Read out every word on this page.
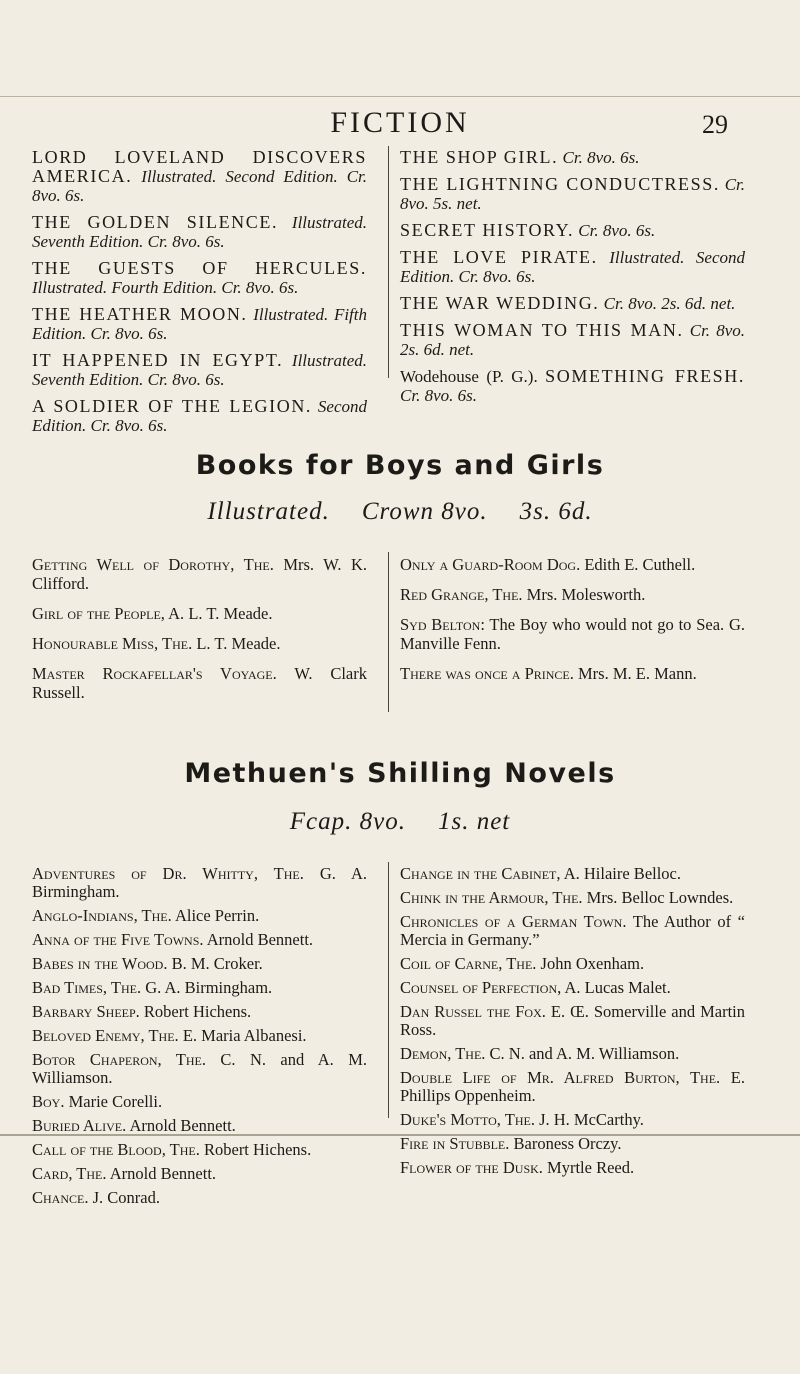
FICTION	29

LORD LOVELAND DISCOVERS AMERICA. Illustrated. Second Edition. Cr. 8vo. 6s.

THE GOLDEN SILENCE. Illustrated. Seventh Edition. Cr. 8vo. 6s.

THE GUESTS OF HERCULES. Illustrated. Fourth Edition. Cr. 8vo. 6s.

THE HEATHER MOON. Illustrated. Fifth Edition. Cr. 8vo. 6s.

IT HAPPENED IN EGYPT. Illustrated. Seventh Edition. Cr. 8vo. 6s.

A SOLDIER OF THE LEGION. Second Edition. Cr. 8vo. 6s.

THE SHOP GIRL. Cr. 8vo. 6s.

THE LIGHTNING CONDUCTRESS. Cr. 8vo. 5s. net.

SECRET HISTORY. Cr. 8vo. 6s.

THE LOVE PIRATE. Illustrated. Second Edition. Cr. 8vo. 6s.

THE WAR WEDDING. Cr. 8vo. 2s. 6d. net.

THIS WOMAN TO THIS MAN. Cr. 8vo. 2s. 6d. net.

Wodehouse (P. G.). SOMETHING FRESH. Cr. 8vo. 6s.

Books for Boys and Girls
Illustrated. Crown 8vo. 3s. 6d.

Getting Well of Dorothy, The. Mrs. W. K. Clifford.

Girl of the People, A. L. T. Meade.

Honourable Miss, The. L. T. Meade.

Master Rockafellar's Voyage. W. Clark Russell.

Only a Guard-Room Dog. Edith E. Cuthell.

Red Grange, The. Mrs. Molesworth.

Syd Belton: The Boy who would not go to Sea. G. Manville Fenn.

There was once a Prince. Mrs. M. E. Mann.

Methuen's Shilling Novels
Fcap. 8vo. 1s. net

Adventures of Dr. Whitty, The. G. A. Birmingham.

Anglo-Indians, The. Alice Perrin.

Anna of the Five Towns. Arnold Bennett.

Babes in the Wood. B. M. Croker.

Bad Times, The. G. A. Birmingham.

Barbary Sheep. Robert Hichens.

Beloved Enemy, The. E. Maria Albanesi.

Botor Chaperon, The. C. N. and A. M. Williamson.

Boy. Marie Corelli.

Buried Alive. Arnold Bennett.

Call of the Blood, The. Robert Hichens.

Card, The. Arnold Bennett.

Chance. J. Conrad.

Change in the Cabinet, A. Hilaire Belloc.

Chink in the Armour, The. Mrs. Belloc Lowndes.

Chronicles of a German Town. The Author of “ Mercia in Germany.”

Coil of Carne, The. John Oxenham.

Counsel of Perfection, A. Lucas Malet.

Dan Russel the Fox. E. Œ. Somerville and Martin Ross.

Demon, The. C. N. and A. M. Williamson.

Double Life of Mr. Alfred Burton, The. E. Phillips Oppenheim.

Duke's Motto, The. J. H. McCarthy.

Fire in Stubble. Baroness Orczy.

Flower of the Dusk. Myrtle Reed.
